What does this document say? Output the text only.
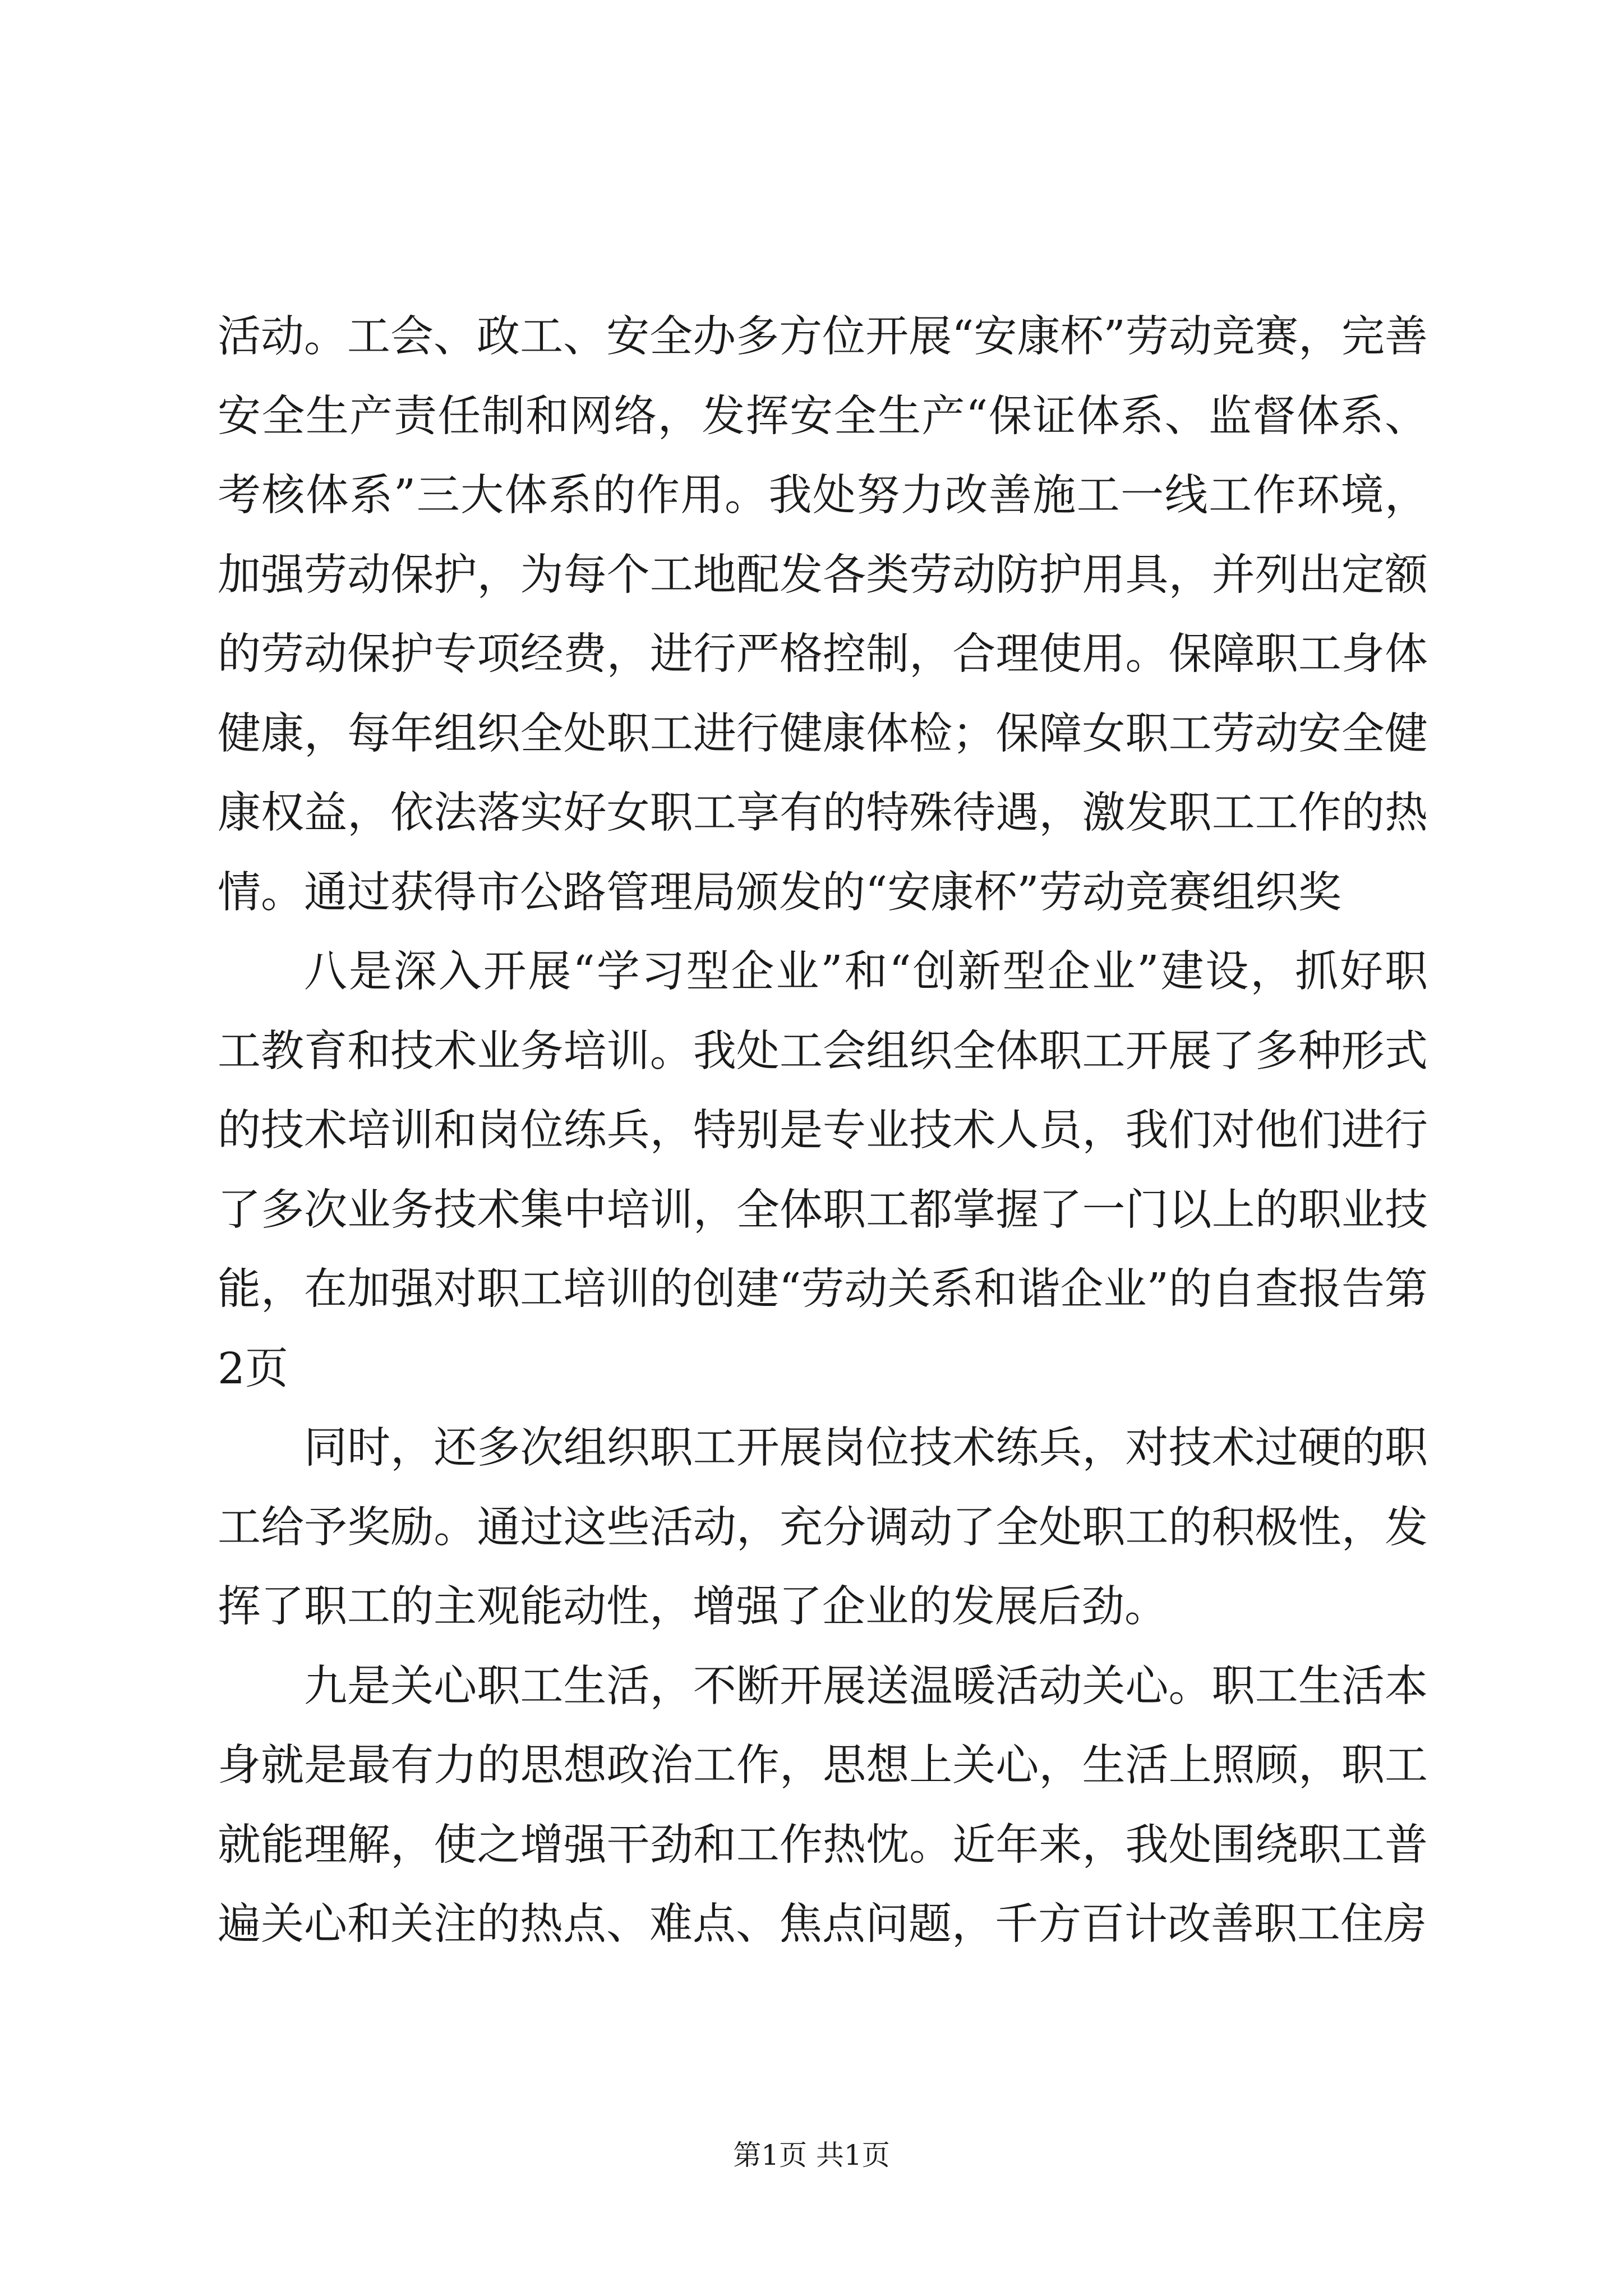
活动。工会、政工、安全办多方位开展“安康杯”劳动竞赛，完善安全生产责任制和网络，发挥安全生产“保证体系、监督体系、考核体系”三大体系的作用。我处努力改善施工一线工作环境，加强劳动保护，为每个工地配发各类劳动防护用具，并列出定额的劳动保护专项经费，进行严格控制，合理使用。保障职工身体健康，每年组织全处职工进行健康体检；保障女职工劳动安全健康权益，依法落实好女职工享有的特殊待遇，激发职工工作的热情。通过获得市公路管理局颁发的“安康杯”劳动竞赛组织奖

八是深入开展“学习型企业”和“创新型企业”建设，抓好职工教育和技术业务培训。我处工会组织全体职工开展了多种形式的技术培训和岗位练兵，特别是专业技术人员，我们对他们进行了多次业务技术集中培训，全体职工都掌握了一门以上的职业技能，在加强对职工培训的创建“劳动关系和谐企业”的自查报告第2页

同时，还多次组织职工开展岗位技术练兵，对技术过硬的职工给予奖励。通过这些活动，充分调动了全处职工的积极性，发挥了职工的主观能动性，增强了企业的发展后劲。

九是关心职工生活，不断开展送温暖活动关心。职工生活本身就是最有力的思想政治工作，思想上关心，生活上照顾，职工就能理解，使之增强干劲和工作热忱。近年来，我处围绕职工普遍关心和关注的热点、难点、焦点问题，千方百计改善职工住房

第1页 共1页
